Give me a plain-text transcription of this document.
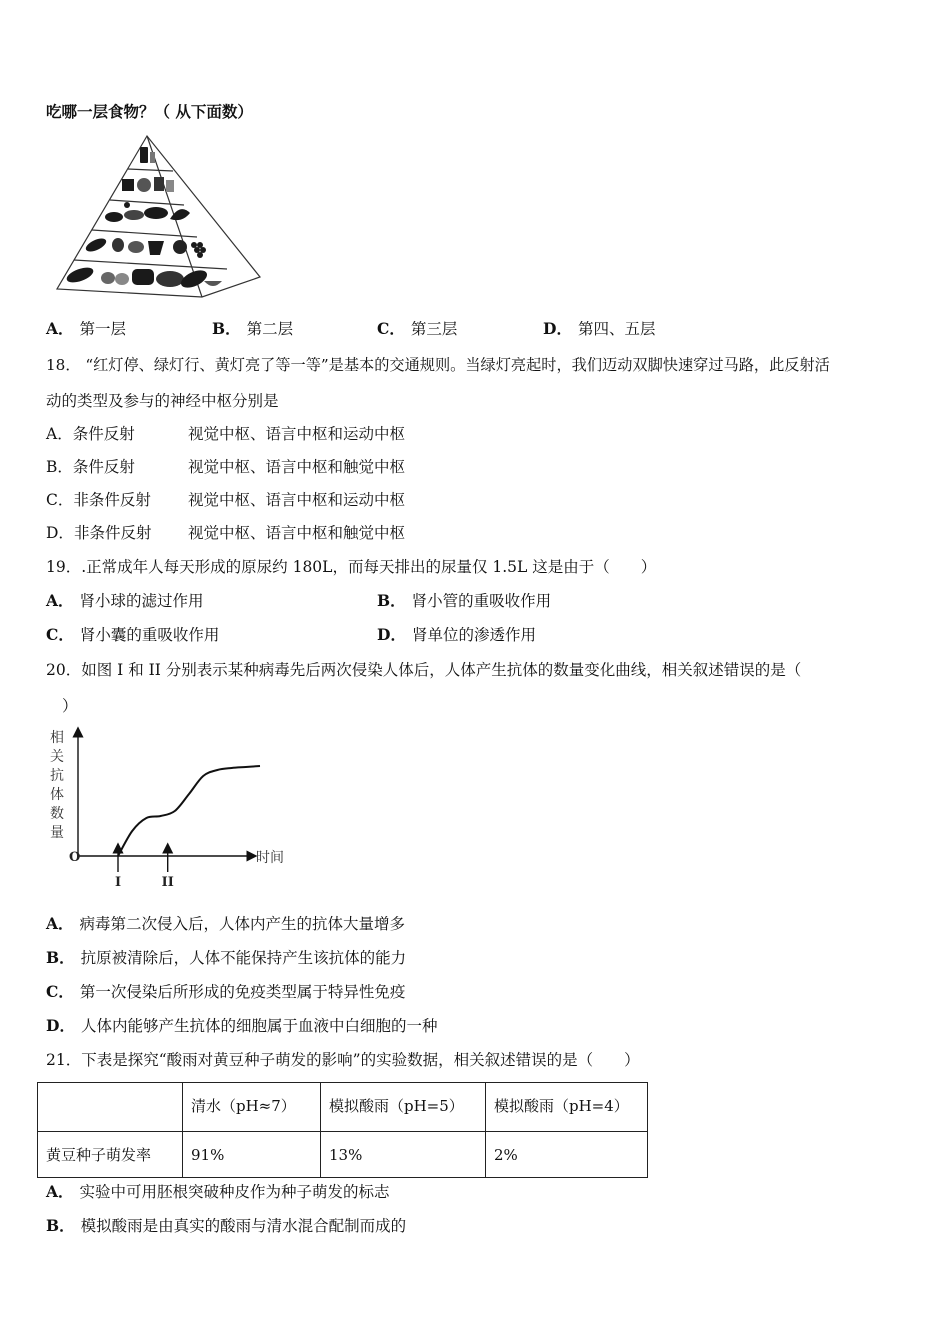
吃哪一层食物？（ 从下面数）
A． 第一层	B． 第二层	C． 第三层	D． 第四、五层
18． “红灯停、绿灯行、黄灯亮了等一等”是基本的交通规则。当绿灯亮起时，我们迈动双脚快速穿过马路，此反射活
动的类型及参与的神经中枢分别是
A．条件反射	视觉中枢、语言中枢和运动中枢
B．条件反射	视觉中枢、语言中枢和触觉中枢
C．非条件反射 视觉中枢、语言中枢和运动中枢
D．非条件反射 视觉中枢、语言中枢和触觉中枢
19．.正常成年人每天形成的原尿约 180L，而每天排出的尿量仅 1.5L 这是由于（　　）
A． 肾小球的滤过作用	B． 肾小管的重吸收作用
C． 肾小囊的重吸收作用	D． 肾单位的渗透作用
20．如图 I 和 II 分别表示某种病毒先后两次侵染人体后，人体产生抗体的数量变化曲线，相关叙述错误的是（
）
相
关
抗
体
数
量
时间
O
I	II
A． 病毒第二次侵入后，人体内产生的抗体大量增多
B． 抗原被清除后，人体不能保持产生该抗体的能力
C． 第一次侵染后所形成的免疫类型属于特异性免疫
D． 人体内能够产生抗体的细胞属于血液中白细胞的一种
21．下表是探究“酸雨对黄豆种子萌发的影响”的实验数据，相关叙述错误的是（　　）
	清水（pH≈7）	模拟酸雨（pH=5）	模拟酸雨（pH=4）
黄豆种子萌发率	91%	13%	2%
A． 实验中可用胚根突破种皮作为种子萌发的标志
B． 模拟酸雨是由真实的酸雨与清水混合配制而成的
